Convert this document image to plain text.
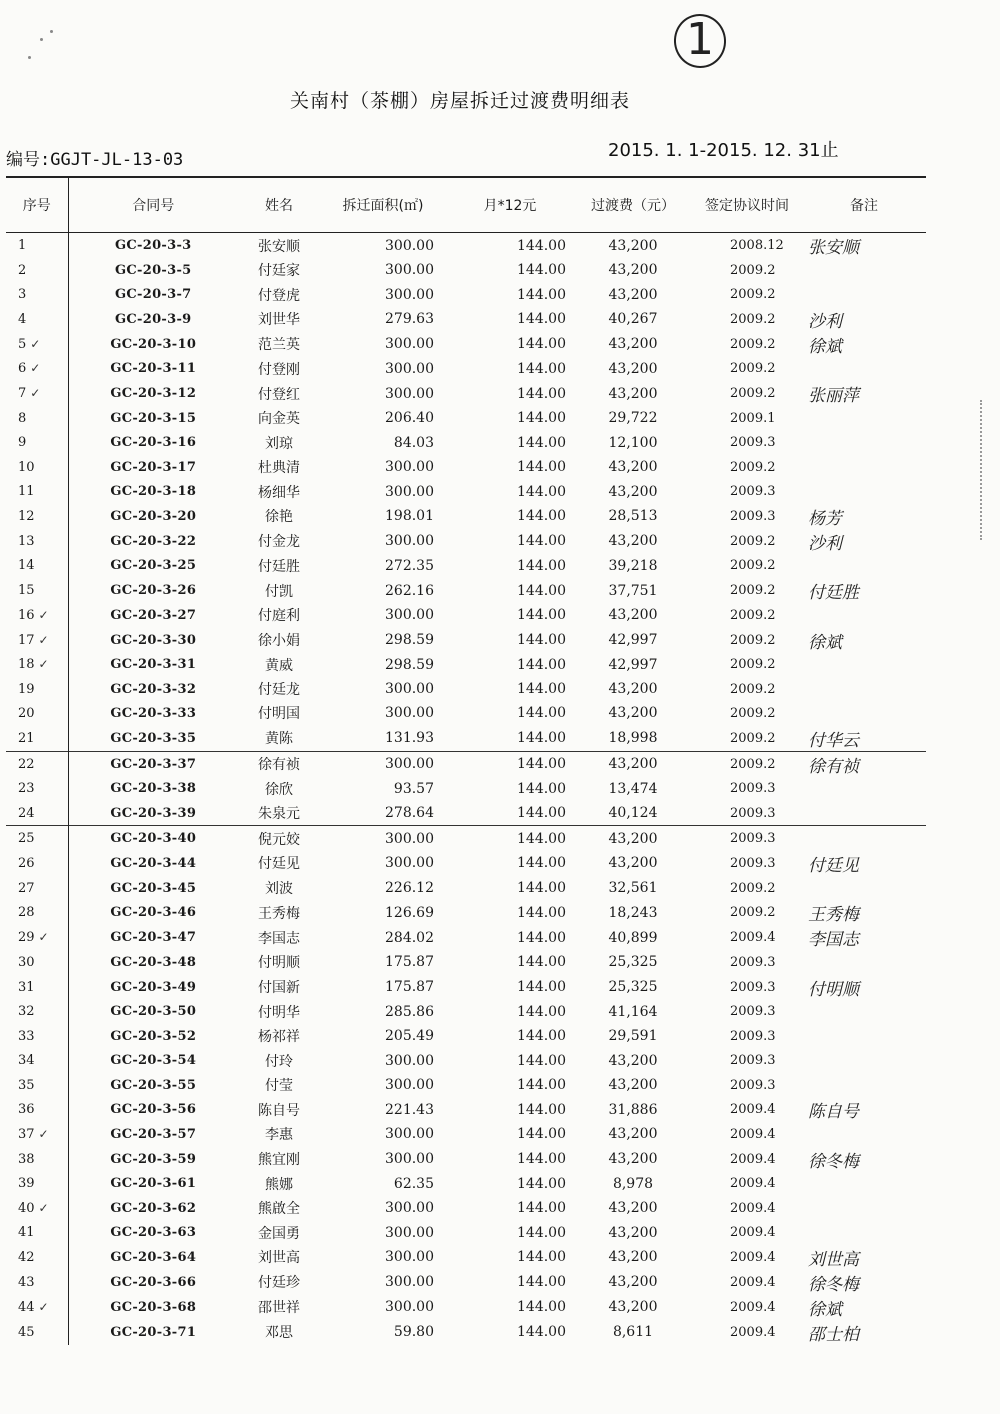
1
关南村（茶棚）房屋拆迁过渡费明细表
编号:GGJT-JL-13-03	2015. 1. 1-2015. 12. 31止
序号	合同号	姓名	拆迁面积(㎡)	月*12元	过渡费（元）	签定协议时间	备注
1	GC-20-3-3	张安顺	300.00	144.00	43,200	2008.12	张安顺
2	GC-20-3-5	付廷家	300.00	144.00	43,200	2009.2	
3	GC-20-3-7	付登虎	300.00	144.00	43,200	2009.2	
4	GC-20-3-9	刘世华	279.63	144.00	40,267	2009.2	沙利
5 ✓	GC-20-3-10	范兰英	300.00	144.00	43,200	2009.2	徐斌
6 ✓	GC-20-3-11	付登刚	300.00	144.00	43,200	2009.2	
7 ✓	GC-20-3-12	付登红	300.00	144.00	43,200	2009.2	张丽萍
8	GC-20-3-15	向金英	206.40	144.00	29,722	2009.1	
9	GC-20-3-16	刘琼	84.03	144.00	12,100	2009.3	
10	GC-20-3-17	杜典清	300.00	144.00	43,200	2009.2	
11	GC-20-3-18	杨细华	300.00	144.00	43,200	2009.3	
12	GC-20-3-20	徐艳	198.01	144.00	28,513	2009.3	杨芳
13	GC-20-3-22	付金龙	300.00	144.00	43,200	2009.2	沙利
14	GC-20-3-25	付廷胜	272.35	144.00	39,218	2009.2	
15	GC-20-3-26	付凯	262.16	144.00	37,751	2009.2	付廷胜
16 ✓	GC-20-3-27	付庭利	300.00	144.00	43,200	2009.2	
17 ✓	GC-20-3-30	徐小娟	298.59	144.00	42,997	2009.2	徐斌
18 ✓	GC-20-3-31	黄威	298.59	144.00	42,997	2009.2	
19	GC-20-3-32	付廷龙	300.00	144.00	43,200	2009.2	
20	GC-20-3-33	付明国	300.00	144.00	43,200	2009.2	
21	GC-20-3-35	黄陈	131.93	144.00	18,998	2009.2	付华云
22	GC-20-3-37	徐有祯	300.00	144.00	43,200	2009.2	徐有祯
23	GC-20-3-38	徐欣	93.57	144.00	13,474	2009.3	
24	GC-20-3-39	朱泉元	278.64	144.00	40,124	2009.3	
25	GC-20-3-40	倪元姣	300.00	144.00	43,200	2009.3	
26	GC-20-3-44	付廷见	300.00	144.00	43,200	2009.3	付廷见
27	GC-20-3-45	刘波	226.12	144.00	32,561	2009.2	
28	GC-20-3-46	王秀梅	126.69	144.00	18,243	2009.2	王秀梅
29 ✓	GC-20-3-47	李国志	284.02	144.00	40,899	2009.4	李国志
30	GC-20-3-48	付明顺	175.87	144.00	25,325	2009.3	
31	GC-20-3-49	付国新	175.87	144.00	25,325	2009.3	付明顺
32	GC-20-3-50	付明华	285.86	144.00	41,164	2009.3	
33	GC-20-3-52	杨祁祥	205.49	144.00	29,591	2009.3	
34	GC-20-3-54	付玲	300.00	144.00	43,200	2009.3	
35	GC-20-3-55	付莹	300.00	144.00	43,200	2009.3	
36	GC-20-3-56	陈自号	221.43	144.00	31,886	2009.4	陈自号
37 ✓	GC-20-3-57	李惠	300.00	144.00	43,200	2009.4	
38	GC-20-3-59	熊宜刚	300.00	144.00	43,200	2009.4	徐冬梅
39	GC-20-3-61	熊娜	62.35	144.00	8,978	2009.4	
40 ✓	GC-20-3-62	熊啟全	300.00	144.00	43,200	2009.4	
41	GC-20-3-63	金国勇	300.00	144.00	43,200	2009.4	
42	GC-20-3-64	刘世高	300.00	144.00	43,200	2009.4	刘世高
43	GC-20-3-66	付廷珍	300.00	144.00	43,200	2009.4	徐冬梅
44 ✓	GC-20-3-68	邵世祥	300.00	144.00	43,200	2009.4	徐斌
45	GC-20-3-71	邓思	59.80	144.00	8,611	2009.4	邵士柏
